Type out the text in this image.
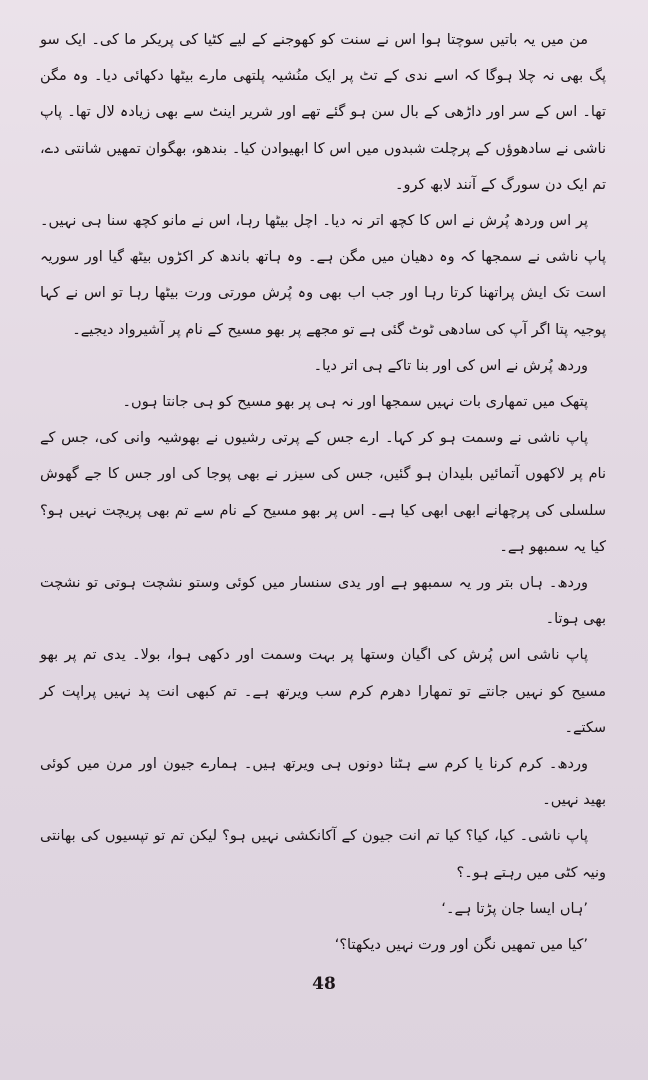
من میں یہ باتیں سوچتا ہوا اس نے سنت کو کھوجنے کے لیے کٹیا کی پریکر ما کی۔ ایک سو پگ بھی نہ چلا ہوگا کہ اسے ندی کے تٹ پر ایک منُشیہ پلتھی مارے بیٹھا دکھائی دیا۔ وہ مگن تھا۔ اس کے سر اور داڑھی کے بال سن ہو گئے تھے اور شریر اینٹ سے بھی زیادہ لال تھا۔ پاپ ناشی نے سادھوؤں کے پرچلت شبدوں میں اس کا ابھیوادن کیا۔ بندھو، بھگوان تمھیں شانتی دے، تم ایک دن سورگ کے آنند لابھ کرو۔

پر اس وردھ پُرش نے اس کا کچھ اتر نہ دیا۔ اچل بیٹھا رہا، اس نے مانو کچھ سنا ہی نہیں۔ پاپ ناشی نے سمجھا کہ وہ دھیان میں مگن ہے۔ وہ ہاتھ باندھ کر اکڑوں بیٹھ گیا اور سوریہ است تک ایش پراتھنا کرتا رہا اور جب اب بھی وہ پُرش مورتی ورت بیٹھا رہا تو اس نے کہا پوجیہ پتا اگر آپ کی سادھی ٹوٹ گئی ہے تو مجھے پر بھو مسیح کے نام پر آشیرواد دیجیے۔

وردھ پُرش نے اس کی اور بنا تاکے ہی اتر دیا۔

پتھک میں تمھاری بات نہیں سمجھا اور نہ ہی پر بھو مسیح کو ہی جانتا ہوں۔

پاپ ناشی نے وسمت ہو کر کہا۔ ارے جس کے پرتی رشیوں نے بھوشیہ وانی کی، جس کے نام پر لاکھوں آتمائیں بلیدان ہو گئیں، جس کی سیزر نے بھی پوجا کی اور جس کا جے گھوش سلسلی کی پرچھانے ابھی ابھی کیا ہے۔ اس پر بھو مسیح کے نام سے تم بھی پریچت نہیں ہو؟ کیا یہ سمبھو ہے۔

وردھ۔ ہاں بتر ور یہ سمبھو ہے اور یدی سنسار میں کوئی وستو نشچت ہوتی تو نشچت بھی ہوتا۔

پاپ ناشی اس پُرش کی اگیان وستھا پر بہت وسمت اور دکھی ہوا، بولا۔ یدی تم پر بھو مسیح کو نہیں جانتے تو تمھارا دھرم کرم سب ویرتھ ہے۔ تم کبھی انت پد نہیں پراپت کر سکتے۔

وردھ۔ کرم کرنا یا کرم سے ہٹنا دونوں ہی ویرتھ ہیں۔ ہمارے جیون اور مرن میں کوئی بھید نہیں۔

پاپ ناشی۔ کیا، کیا؟ کیا تم انت جیون کے آکانکشی نہیں ہو؟ لیکن تم تو تپسیوں کی بھانتی ونیہ کٹی میں رہتے ہو۔؟

’ہاں ایسا جان پڑتا ہے۔‘

’کیا میں تمھیں نگن اور ورت نہیں دیکھتا؟‘

48
